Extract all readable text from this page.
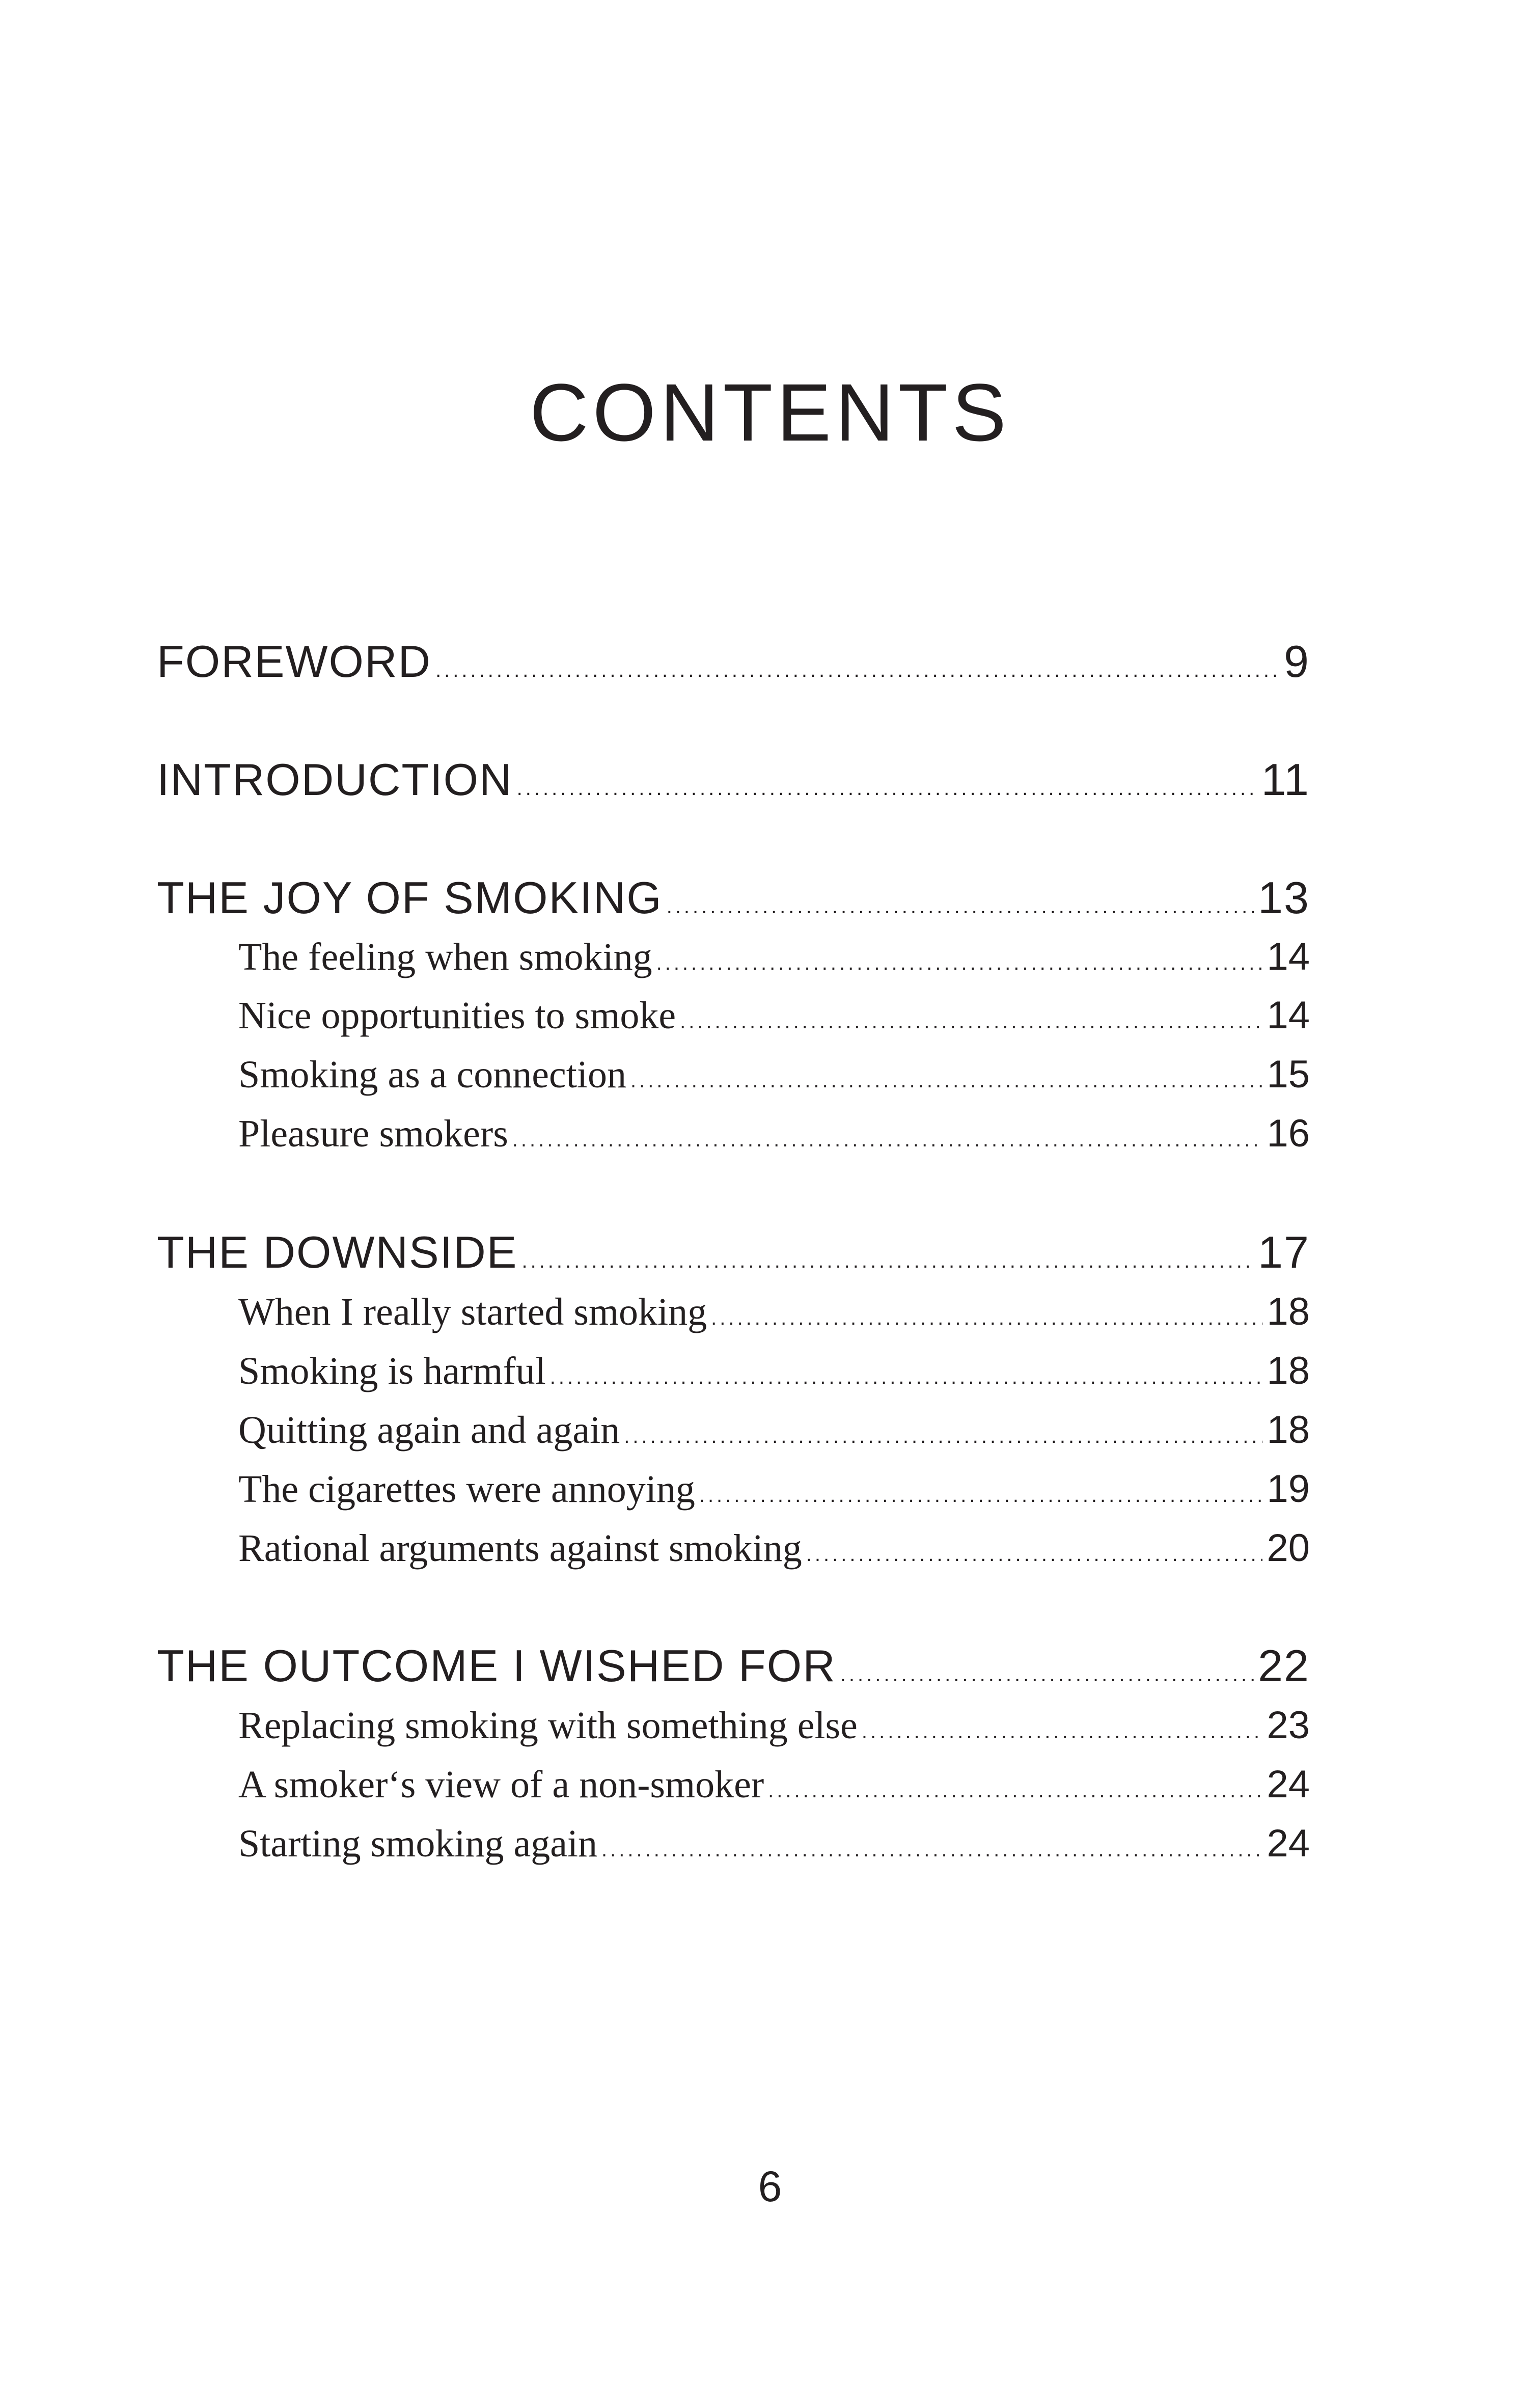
CONTENTS
FOREWORD .....	9
INTRODUCTION .....	11
THE JOY OF SMOKING .....	13
The feeling when smoking .....	14
Nice opportunities to smoke .....	14
Smoking as a connection .....	15
Pleasure smokers .....	16
THE DOWNSIDE .....	17
When I really started smoking .....	18
Smoking is harmful .....	18
Quitting again and again .....	18
The cigarettes were annoying .....	19
Rational arguments against smoking .....	20
THE OUTCOME I WISHED FOR .....	22
Replacing smoking with something else .....	23
A smoker‘s view of a non-smoker .....	24
Starting smoking again .....	24
6
